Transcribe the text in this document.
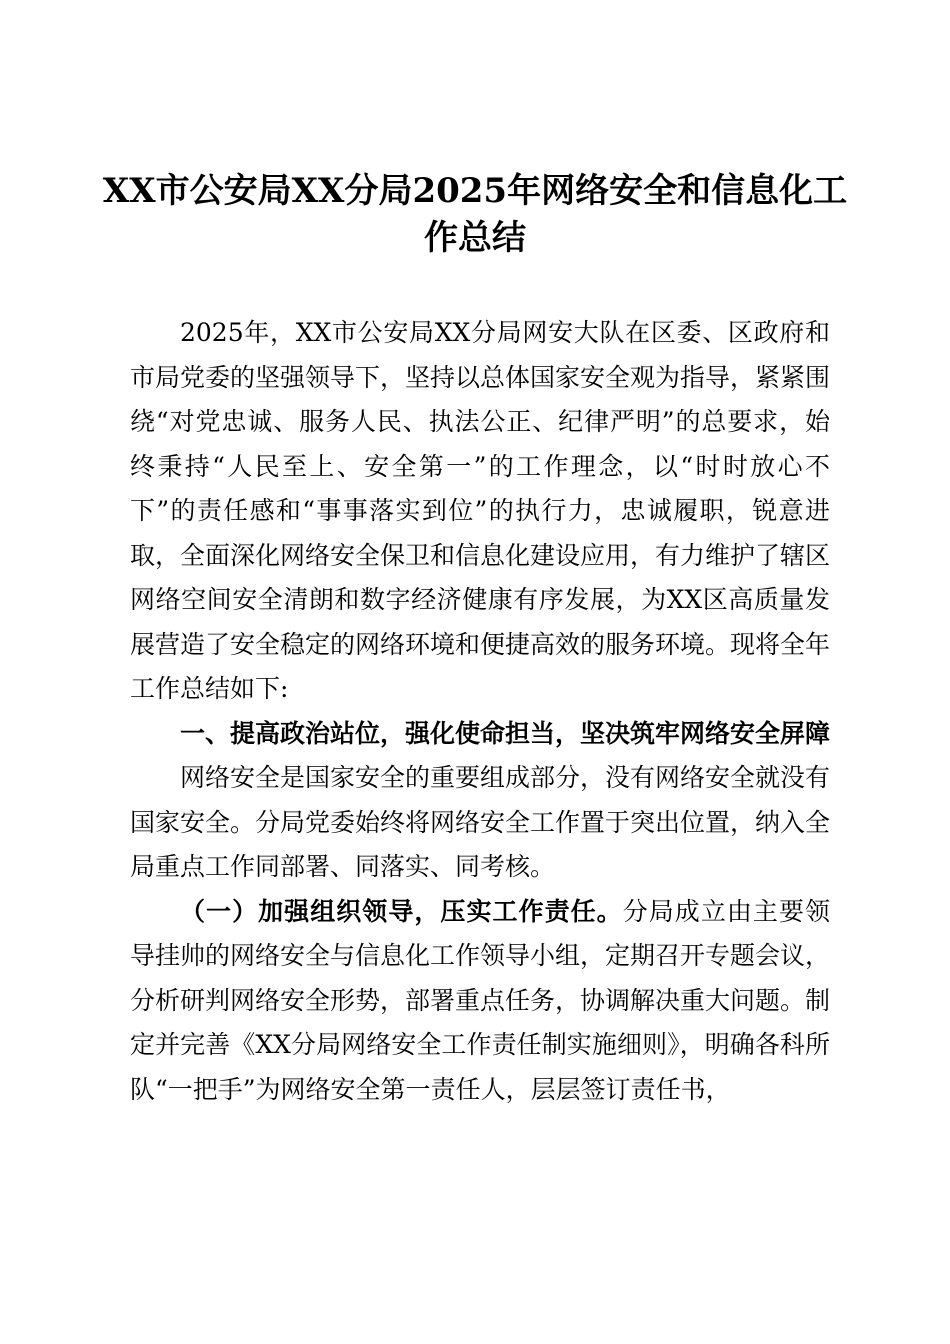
XX市公安局XX分局2025年网络安全和信息化工作总结

2025年，XX市公安局XX分局网安大队在区委、区政府和市局党委的坚强领导下，坚持以总体国家安全观为指导，紧紧围绕“对党忠诚、服务人民、执法公正、纪律严明”的总要求，始终秉持“人民至上、安全第一”的工作理念，以“时时放心不下”的责任感和“事事落实到位”的执行力，忠诚履职，锐意进取，全面深化网络安全保卫和信息化建设应用，有力维护了辖区网络空间安全清朗和数字经济健康有序发展，为XX区高质量发展营造了安全稳定的网络环境和便捷高效的服务环境。现将全年工作总结如下:

一、提高政治站位，强化使命担当，坚决筑牢网络安全屏障

网络安全是国家安全的重要组成部分，没有网络安全就没有国家安全。分局党委始终将网络安全工作置于突出位置，纳入全局重点工作同部署、同落实、同考核。

（一）加强组织领导，压实工作责任。分局成立由主要领导挂帅的网络安全与信息化工作领导小组，定期召开专题会议，分析研判网络安全形势，部署重点任务，协调解决重大问题。制定并完善《XX分局网络安全工作责任制实施细则》，明确各科所队“一把手”为网络安全第一责任人，层层签订责任书，
